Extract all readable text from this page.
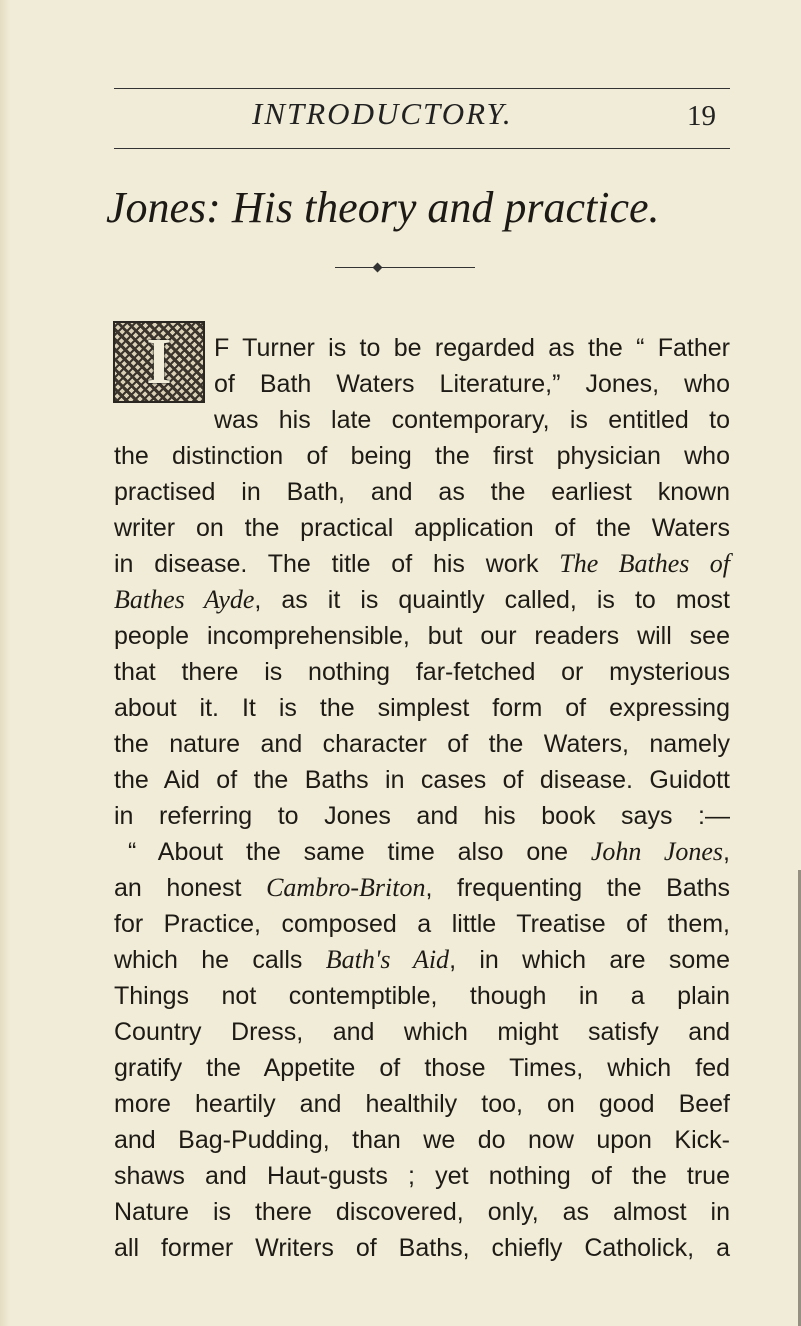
INTRODUCTORY.	19
Jones: His theory and practice.
I F Turner is to be regarded as the “ Father
of Bath Waters Literature,” Jones, who
was his late contemporary, is entitled to
the distinction of being the first physician who
practised in Bath, and as the earliest known
writer on the practical application of the Waters
in disease. The title of his work The Bathes of
Bathes Ayde, as it is quaintly called, is to most
people incomprehensible, but our readers will see
that there is nothing far-fetched or mysterious
about it. It is the simplest form of expressing
the nature and character of the Waters, namely
the Aid of the Baths in cases of disease. Guidott
in referring to Jones and his book says :—
“ About the same time also one John Jones,
an honest Cambro-Briton, frequenting the Baths
for Practice, composed a little Treatise of them,
which he calls Bath's Aid, in which are some
Things not contemptible, though in a plain
Country Dress, and which might satisfy and
gratify the Appetite of those Times, which fed
more heartily and healthily too, on good Beef
and Bag-Pudding, than we do now upon Kick-
shaws and Haut-gusts ; yet nothing of the true
Nature is there discovered, only, as almost in
all former Writers of Baths, chiefly Catholick, a
